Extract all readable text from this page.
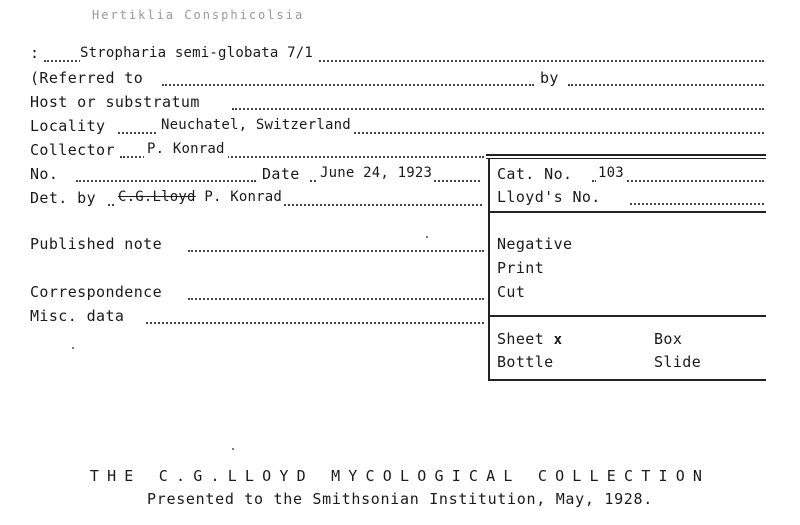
Hertiklia Consphicolsia
:	Stropharia semi-globata 7/1
(Referred to	by
Host or substratum
Locality	Neuchatel, Switzerland
Collector P. Konrad
No.	Date June 24, 1923
Det. by C.G.Lloyd P. Konrad
Cat. No. 103
Lloyd's No.
Negative
Print
Cut
Sheet x	Box
Bottle	Slide
Published note
Correspondence
Misc. data
THE C.G.LLOYD MYCOLOGICAL COLLECTION
Presented to the Smithsonian Institution, May, 1928.
